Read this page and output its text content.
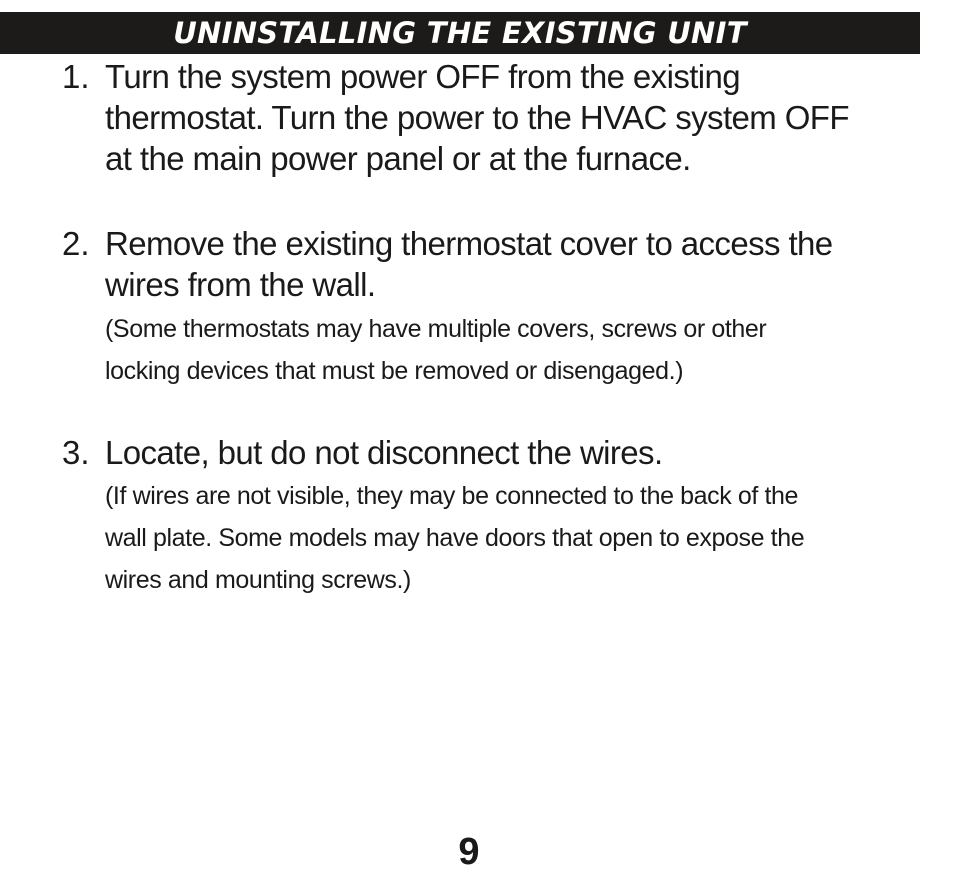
UNINSTALLING THE EXISTING UNIT
1. Turn the system power OFF from the existing
thermostat. Turn the power to the HVAC system OFF
at the main power panel or at the furnace.
2. Remove the existing thermostat cover to access the
wires from the wall.
(Some thermostats may have multiple covers, screws or other
locking devices that must be removed or disengaged.)
3. Locate, but do not disconnect the wires.
(If wires are not visible, they may be connected to the back of the
wall plate. Some models may have doors that open to expose the
wires and mounting screws.)
9
